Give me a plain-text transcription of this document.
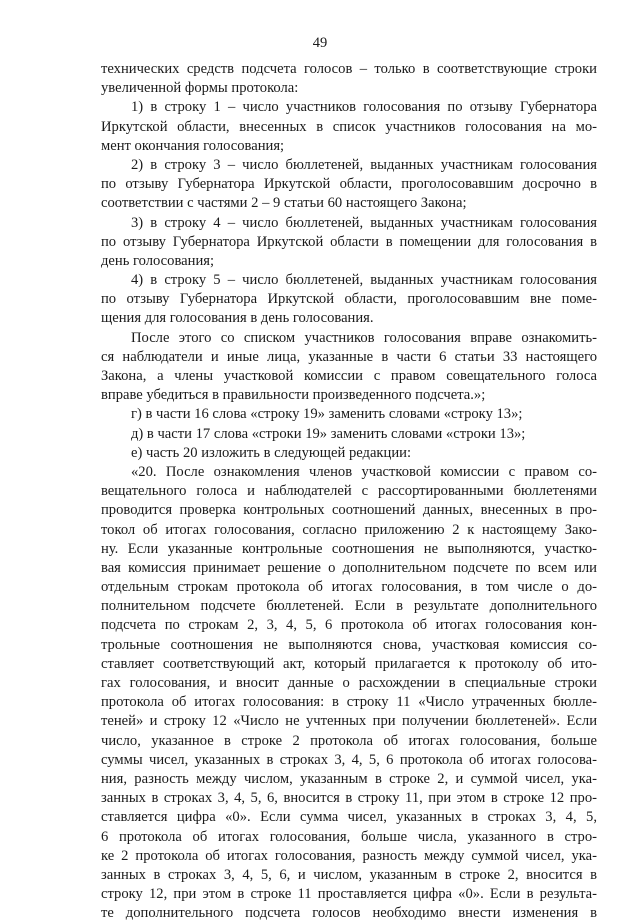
49
технических средств подсчета голосов – только в соответствующие строки
увеличенной формы протокола:
1) в строку 1 – число участников голосования по отзыву Губернатора
Иркутской области, внесенных в список участников голосования на мо-
мент окончания голосования;
2) в строку 3 – число бюллетеней, выданных участникам голосования
по отзыву Губернатора Иркутской области, проголосовавшим досрочно в
соответствии с частями 2 – 9 статьи 60 настоящего Закона;
3) в строку 4 – число бюллетеней, выданных участникам голосования
по отзыву Губернатора Иркутской области в помещении для голосования в
день голосования;
4) в строку 5 – число бюллетеней, выданных участникам голосования
по отзыву Губернатора Иркутской области, проголосовавшим вне поме-
щения для голосования в день голосования.
После этого со списком участников голосования вправе ознакомить-
ся наблюдатели и иные лица, указанные в части 6 статьи 33 настоящего
Закона, а члены участковой комиссии с правом совещательного голоса
вправе убедиться в правильности произведенного подсчета.»;
г) в части 16 слова «строку 19» заменить словами «строку 13»;
д) в части 17 слова «строки 19» заменить словами «строки 13»;
е) часть 20 изложить в следующей редакции:
«20. После ознакомления членов участковой комиссии с правом со-
вещательного голоса и наблюдателей с рассортированными бюллетенями
проводится проверка контрольных соотношений данных, внесенных в про-
токол об итогах голосования, согласно приложению 2 к настоящему Зако-
ну. Если указанные контрольные соотношения не выполняются, участко-
вая комиссия принимает решение о дополнительном подсчете по всем или
отдельным строкам протокола об итогах голосования, в том числе о до-
полнительном подсчете бюллетеней. Если в результате дополнительного
подсчета по строкам 2, 3, 4, 5, 6 протокола об итогах голосования кон-
трольные соотношения не выполняются снова, участковая комиссия со-
ставляет соответствующий акт, который прилагается к протоколу об ито-
гах голосования, и вносит данные о расхождении в специальные строки
протокола об итогах голосования: в строку 11 «Число утраченных бюлле-
теней» и строку 12 «Число не учтенных при получении бюллетеней». Если
число, указанное в строке 2 протокола об итогах голосования, больше
суммы чисел, указанных в строках 3, 4, 5, 6 протокола об итогах голосова-
ния, разность между числом, указанным в строке 2, и суммой чисел, ука-
занных в строках 3, 4, 5, 6, вносится в строку 11, при этом в строке 12 про-
ставляется цифра «0». Если сумма чисел, указанных в строках 3, 4, 5,
6 протокола об итогах голосования, больше числа, указанного в стро-
ке 2 протокола об итогах голосования, разность между суммой чисел, ука-
занных в строках 3, 4, 5, 6, и числом, указанным в строке 2, вносится в
строку 12, при этом в строке 11 проставляется цифра «0». Если в результа-
те дополнительного подсчета голосов необходимо внести изменения в
